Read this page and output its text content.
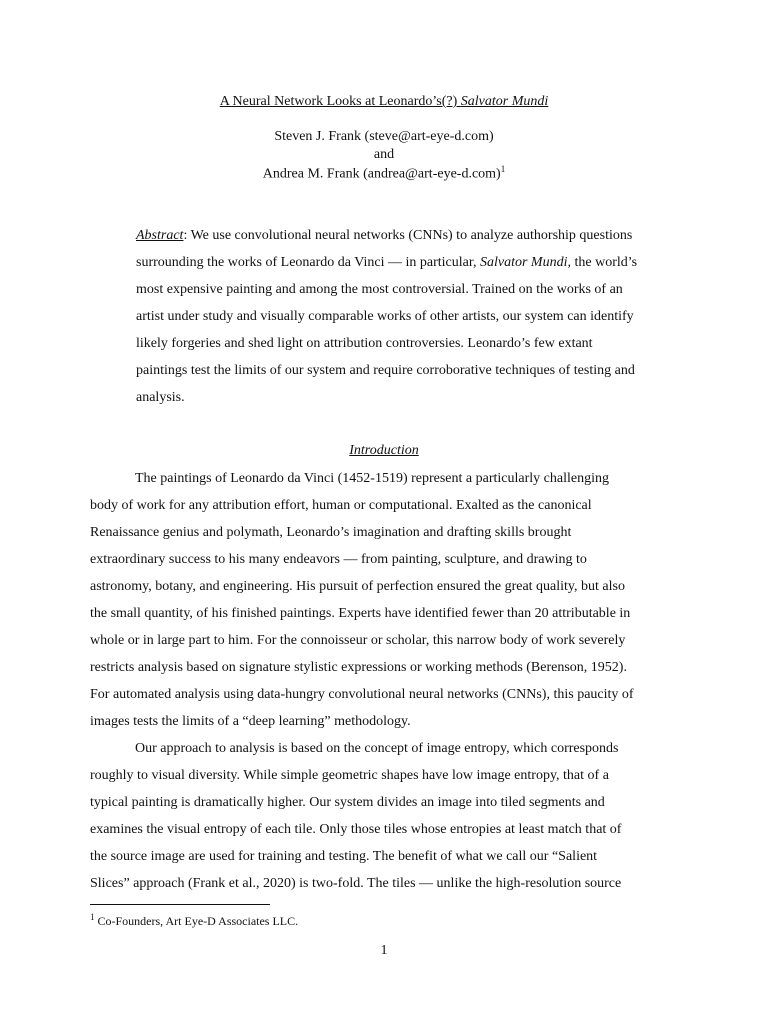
A Neural Network Looks at Leonardo’s(?) Salvator Mundi
Steven J. Frank (steve@art-eye-d.com)
and
Andrea M. Frank (andrea@art-eye-d.com)$^1$
Abstract: We use convolutional neural networks (CNNs) to analyze authorship questions
surrounding the works of Leonardo da Vinci — in particular, Salvator Mundi, the world’s
most expensive painting and among the most controversial. Trained on the works of an
artist under study and visually comparable works of other artists, our system can identify
likely forgeries and shed light on attribution controversies. Leonardo’s few extant
paintings test the limits of our system and require corroborative techniques of testing and
analysis.
Introduction
The paintings of Leonardo da Vinci (1452-1519) represent a particularly challenging
body of work for any attribution effort, human or computational. Exalted as the canonical
Renaissance genius and polymath, Leonardo’s imagination and drafting skills brought
extraordinary success to his many endeavors — from painting, sculpture, and drawing to
astronomy, botany, and engineering. His pursuit of perfection ensured the great quality, but also
the small quantity, of his finished paintings. Experts have identified fewer than 20 attributable in
whole or in large part to him. For the connoisseur or scholar, this narrow body of work severely
restricts analysis based on signature stylistic expressions or working methods (Berenson, 1952).
For automated analysis using data-hungry convolutional neural networks (CNNs), this paucity of
images tests the limits of a “deep learning” methodology.
Our approach to analysis is based on the concept of image entropy, which corresponds
roughly to visual diversity. While simple geometric shapes have low image entropy, that of a
typical painting is dramatically higher. Our system divides an image into tiled segments and
examines the visual entropy of each tile. Only those tiles whose entropies at least match that of
the source image are used for training and testing. The benefit of what we call our “Salient
Slices” approach (Frank et al., 2020) is two-fold. The tiles — unlike the high-resolution source
$^1$ Co-Founders, Art Eye-D Associates LLC.
1
